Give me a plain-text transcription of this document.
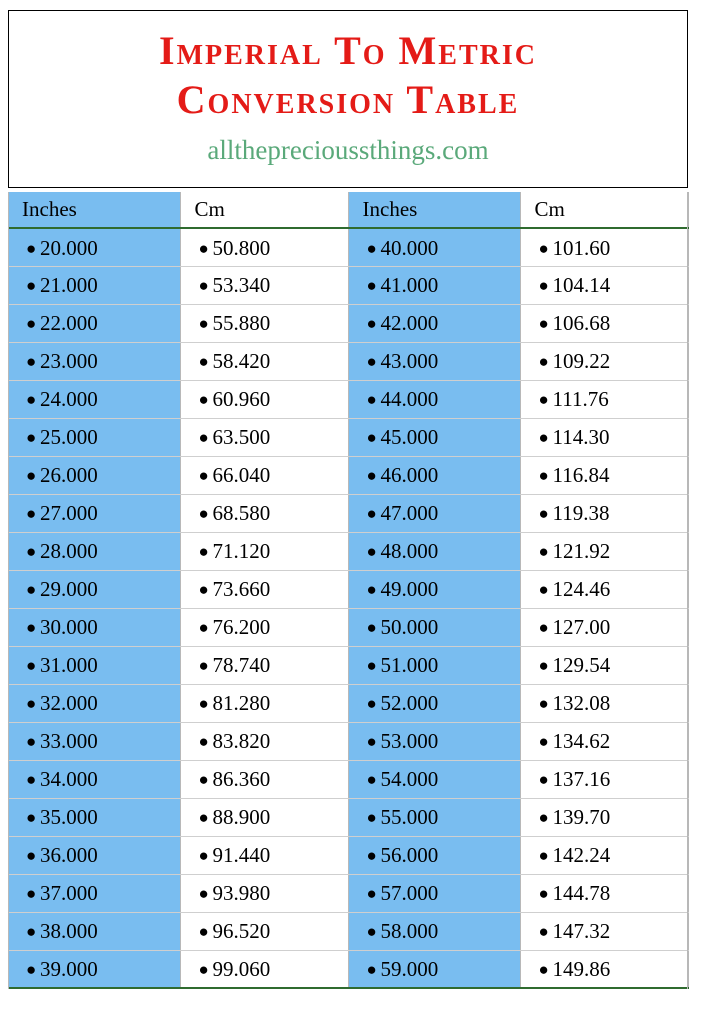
Imperial To Metric
Conversion Table
alltheprecioussthings.com
Inches	Cm	Inches	Cm
● 20.000	● 50.800	● 40.000	● 101.60
● 21.000	● 53.340	● 41.000	● 104.14
● 22.000	● 55.880	● 42.000	● 106.68
● 23.000	● 58.420	● 43.000	● 109.22
● 24.000	● 60.960	● 44.000	● 111.76
● 25.000	● 63.500	● 45.000	● 114.30
● 26.000	● 66.040	● 46.000	● 116.84
● 27.000	● 68.580	● 47.000	● 119.38
● 28.000	● 71.120	● 48.000	● 121.92
● 29.000	● 73.660	● 49.000	● 124.46
● 30.000	● 76.200	● 50.000	● 127.00
● 31.000	● 78.740	● 51.000	● 129.54
● 32.000	● 81.280	● 52.000	● 132.08
● 33.000	● 83.820	● 53.000	● 134.62
● 34.000	● 86.360	● 54.000	● 137.16
● 35.000	● 88.900	● 55.000	● 139.70
● 36.000	● 91.440	● 56.000	● 142.24
● 37.000	● 93.980	● 57.000	● 144.78
● 38.000	● 96.520	● 58.000	● 147.32
● 39.000	● 99.060	● 59.000	● 149.86
